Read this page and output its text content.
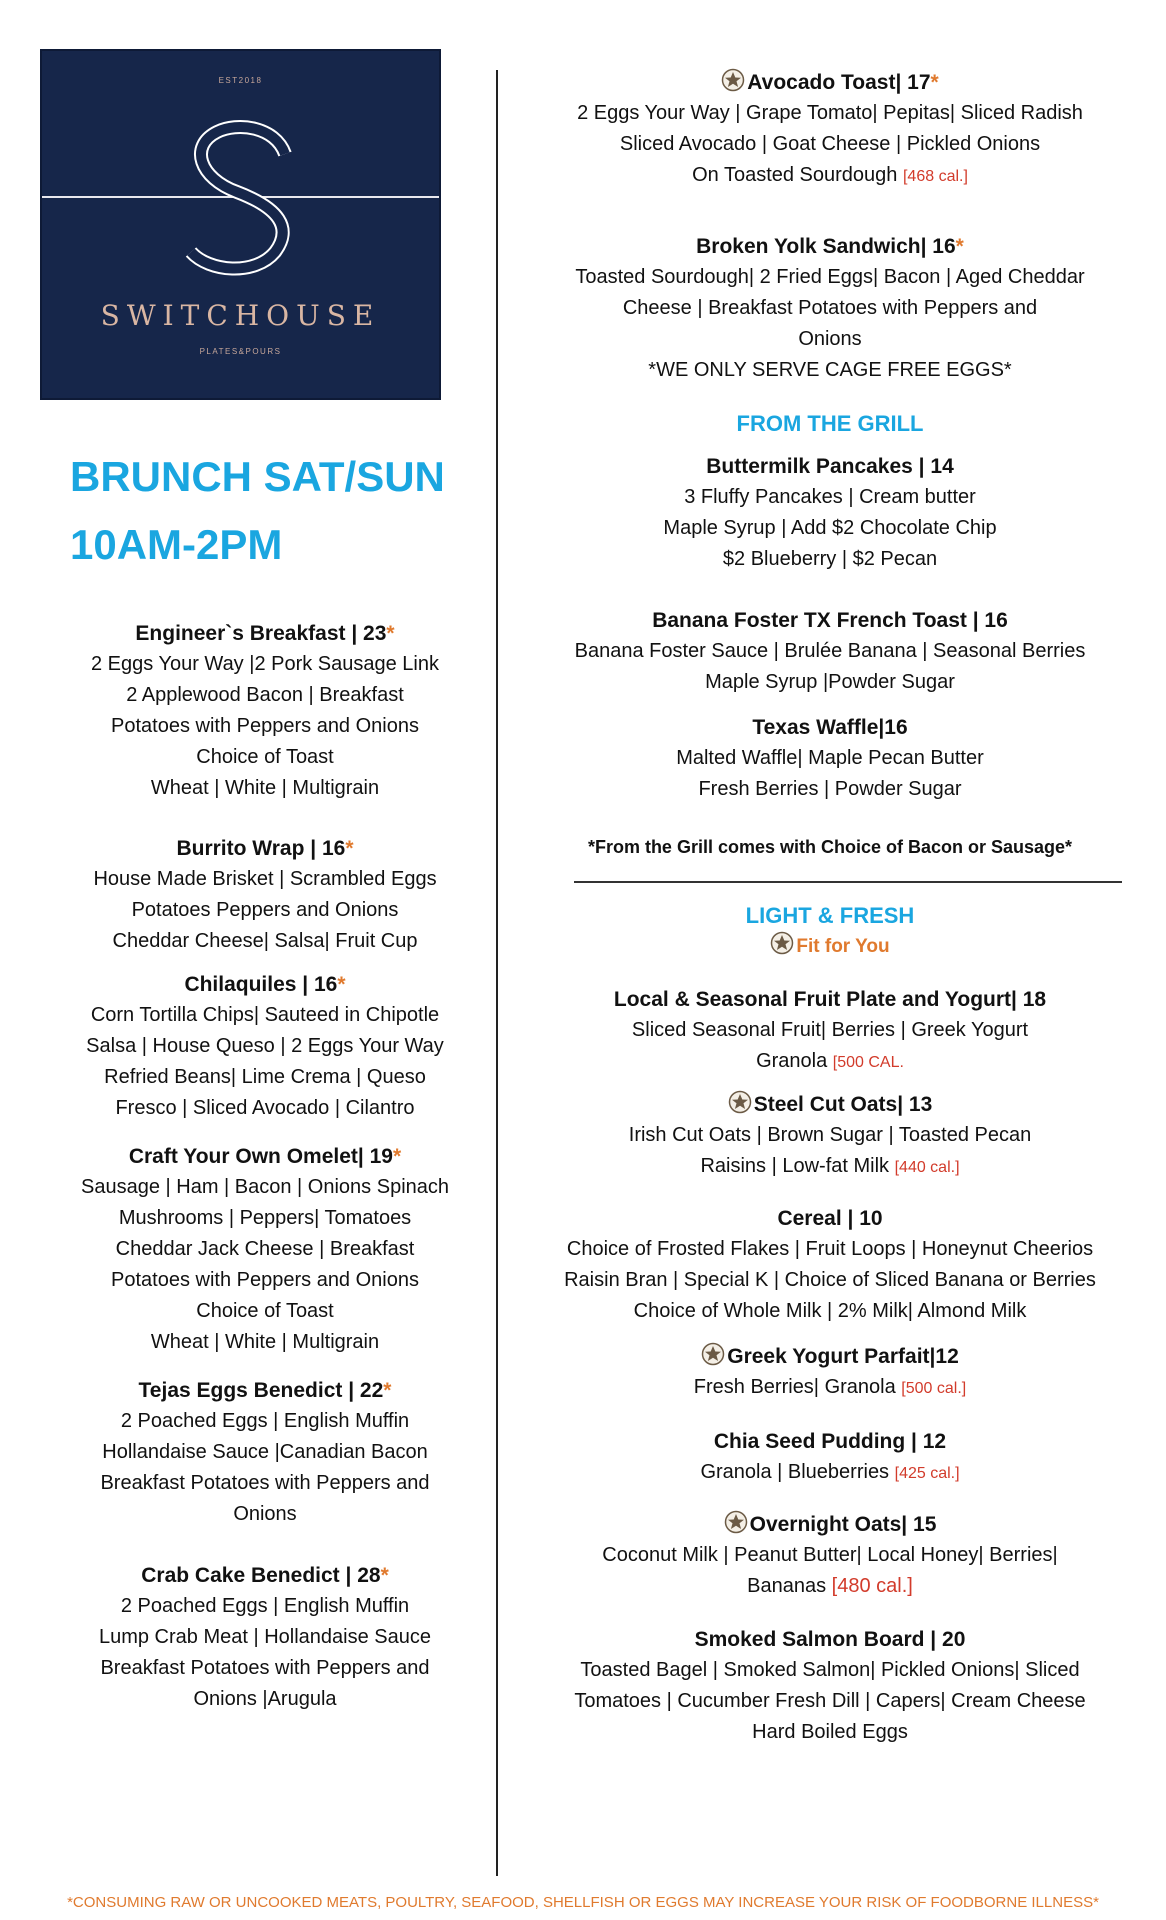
EST2018
SWITCHOUSE
PLATES&POURS
BRUNCH SAT/SUN
10AM-2PM
Engineer`s Breakfast | 23*

2 Eggs Your Way |2 Pork Sausage Link

2 Applewood Bacon | Breakfast

Potatoes with Peppers and Onions

Choice of Toast

Wheat | White | Multigrain

Burrito Wrap | 16*

House Made Brisket | Scrambled Eggs

Potatoes Peppers and Onions

Cheddar Cheese| Salsa| Fruit Cup

Chilaquiles | 16*

Corn Tortilla Chips| Sauteed in Chipotle

Salsa | House Queso | 2 Eggs Your Way

Refried Beans| Lime Crema | Queso

Fresco | Sliced Avocado | Cilantro

Craft Your Own Omelet| 19*

Sausage | Ham | Bacon | Onions Spinach

Mushrooms | Peppers| Tomatoes

Cheddar Jack Cheese | Breakfast

Potatoes with Peppers and Onions

Choice of Toast

Wheat | White | Multigrain

Tejas Eggs Benedict | 22*

2 Poached Eggs | English Muffin

Hollandaise Sauce |Canadian Bacon

Breakfast Potatoes with Peppers and

Onions

Crab Cake Benedict | 28*

2 Poached Eggs | English Muffin

Lump Crab Meat | Hollandaise Sauce

Breakfast Potatoes with Peppers and

Onions |Arugula

Avocado Toast| 17*

2 Eggs Your Way | Grape Tomato| Pepitas| Sliced Radish

Sliced Avocado | Goat Cheese | Pickled Onions

On Toasted Sourdough [468 cal.]

Broken Yolk Sandwich| 16*

Toasted Sourdough| 2 Fried Eggs| Bacon | Aged Cheddar

Cheese | Breakfast Potatoes with Peppers and

Onions

*WE ONLY SERVE CAGE FREE EGGS*

FROM THE GRILL
Buttermilk Pancakes | 14

3 Fluffy Pancakes | Cream butter

Maple Syrup | Add $2 Chocolate Chip

$2 Blueberry | $2 Pecan

Banana Foster TX French Toast | 16

Banana Foster Sauce | Brulée Banana | Seasonal Berries

Maple Syrup |Powder Sugar

Texas Waffle|16

Malted Waffle| Maple Pecan Butter

Fresh Berries | Powder Sugar

*From the Grill comes with Choice of Bacon or Sausage*

LIGHT & FRESH

Fit for You

Local & Seasonal Fruit Plate and Yogurt| 18

Sliced Seasonal Fruit| Berries | Greek Yogurt

Granola [500 CAL.

Steel Cut Oats| 13

Irish Cut Oats | Brown Sugar | Toasted Pecan

Raisins | Low-fat Milk [440 cal.]

Cereal | 10

Choice of Frosted Flakes | Fruit Loops | Honeynut Cheerios

Raisin Bran | Special K | Choice of Sliced Banana or Berries

Choice of Whole Milk | 2% Milk| Almond Milk

Greek Yogurt Parfait|12

Fresh Berries| Granola [500 cal.]

Chia Seed Pudding | 12

Granola | Blueberries [425 cal.]

Overnight Oats| 15

Coconut Milk | Peanut Butter| Local Honey| Berries|

Bananas [480 cal.]

Smoked Salmon Board | 20

Toasted Bagel | Smoked Salmon| Pickled Onions| Sliced

Tomatoes | Cucumber Fresh Dill | Capers| Cream Cheese

Hard Boiled Eggs

*CONSUMING RAW OR UNCOOKED MEATS, POULTRY, SEAFOOD, SHELLFISH OR EGGS MAY INCREASE YOUR RISK OF FOODBORNE ILLNESS*
